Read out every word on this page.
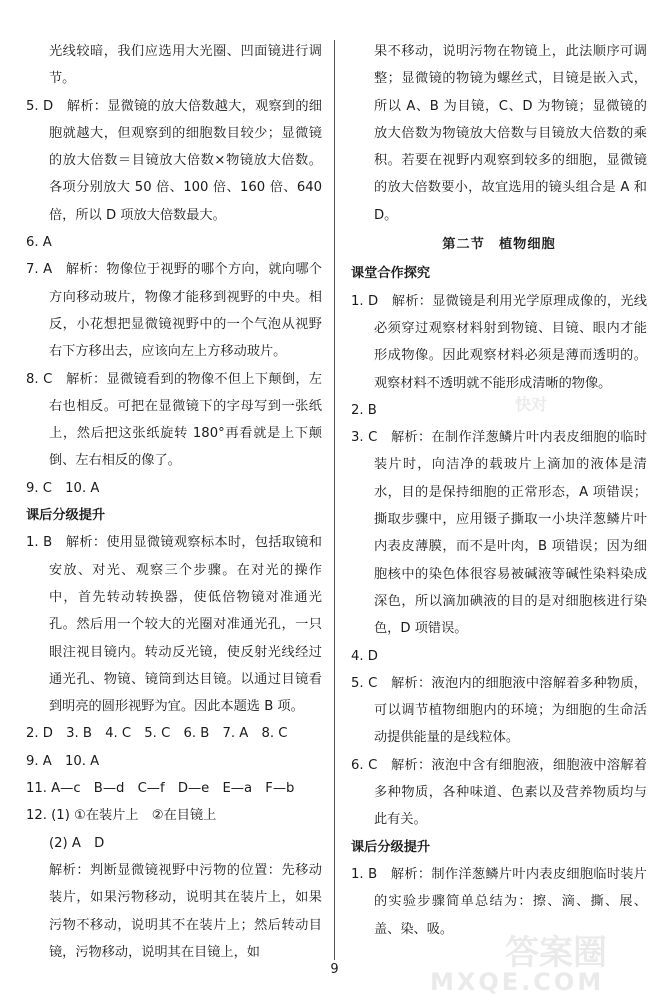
光线较暗，我们应选用大光圈、凹面镜进行调节。

5. D　解析：显微镜的放大倍数越大，观察到的细胞就越大，但观察到的细胞数目较少；显微镜的放大倍数＝目镜放大倍数×物镜放大倍数。各项分别放大 50 倍、100 倍、160 倍、640 倍，所以 D 项放大倍数最大。

6. A

7. A　解析：物像位于视野的哪个方向，就向哪个方向移动玻片，物像才能移到视野的中央。相反，小花想把显微镜视野中的一个气泡从视野右下方移出去，应该向左上方移动玻片。

8. C　解析：显微镜看到的物像不但上下颠倒，左右也相反。可把在显微镜下的字母写到一张纸上，然后把这张纸旋转 180°再看就是上下颠倒、左右相反的像了。

9. C　10. A

课后分级提升

1. B　解析：使用显微镜观察标本时，包括取镜和安放、对光、观察三个步骤。在对光的操作中，首先转动转换器，使低倍物镜对准通光孔。然后用一个较大的光圈对准通光孔，一只眼注视目镜内。转动反光镜，使反射光线经过通光孔、物镜、镜筒到达目镜。以通过目镜看到明亮的圆形视野为宜。因此本题选 B 项。

2. D　3. B　4. C　5. C　6. B　7. A　8. C

9. A　10. A

11. A—c　B—d　C—f　D—e　E—a　F—b

12. (1) ①在装片上　②在目镜上

(2) A　D

解析：判断显微镜视野中污物的位置：先移动装片，如果污物移动，说明其在装片上，如果污物不移动，说明其不在装片上；然后转动目镜，污物移动，说明其在目镜上，如

果不移动，说明污物在物镜上，此法顺序可调整；显微镜的物镜为螺丝式，目镜是嵌入式，所以 A、B 为目镜，C、D 为物镜；显微镜的放大倍数为物镜放大倍数与目镜放大倍数的乘积。若要在视野内观察到较多的细胞，显微镜的放大倍数要小，故宜选用的镜头组合是 A 和 D。

第二节　植物细胞

课堂合作探究

1. D　解析：显微镜是利用光学原理成像的，光线必须穿过观察材料射到物镜、目镜、眼内才能形成物像。因此观察材料必须是薄而透明的。观察材料不透明就不能形成清晰的物像。

2. B

3. C　解析：在制作洋葱鳞片叶内表皮细胞的临时装片时，向洁净的载玻片上滴加的液体是清水，目的是保持细胞的正常形态，A 项错误；撕取步骤中，应用镊子撕取一小块洋葱鳞片叶内表皮薄膜，而不是叶肉，B 项错误；因为细胞核中的染色体很容易被碱液等碱性染料染成深色，所以滴加碘液的目的是对细胞核进行染色，D 项错误。

4. D

5. C　解析：液泡内的细胞液中溶解着多种物质，可以调节植物细胞内的环境；为细胞的生命活动提供能量的是线粒体。

6. C　解析：液泡中含有细胞液，细胞液中溶解着多种物质，各种味道、色素以及营养物质均与此有关。

课后分级提升

1. B　解析：制作洋葱鳞片叶内表皮细胞临时装片的实验步骤简单总结为：擦、滴、撕、展、盖、染、吸。

9	MXQE.COM
快对
答案圈
